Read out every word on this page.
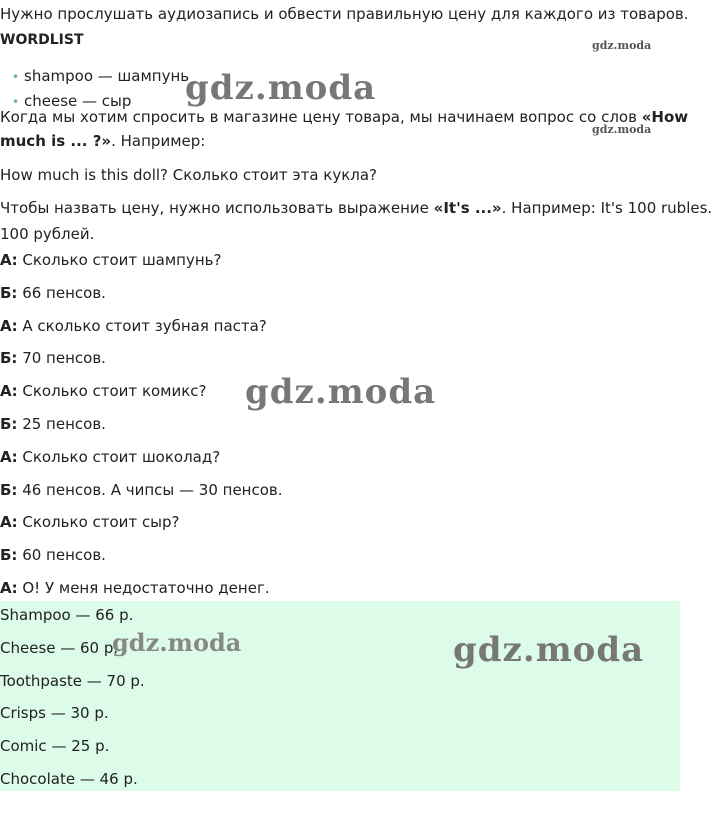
Нужно прослушать аудиозапись и обвести правильную цену для каждого из товаров.
WORDLIST
• shampoo — шампунь
• cheese — сыр
Когда мы хотим спросить в магазине цену товара, мы начинаем вопрос со слов «How
much is ... ?». Например:
How much is this doll? Сколько стоит эта кукла?
Чтобы назвать цену, нужно использовать выражение «It's ...». Например: It's 100 rubles.
100 рублей.
А: Сколько стоит шампунь?
Б: 66 пенсов.
А: А сколько стоит зубная паста?
Б: 70 пенсов.
А: Сколько стоит комикс?
Б: 25 пенсов.
А: Сколько стоит шоколад?
Б: 46 пенсов. А чипсы — 30 пенсов.
А: Сколько стоит сыр?
Б: 60 пенсов.
А: О! У меня недостаточно денег.
Shampoo — 66 р.
Cheese — 60 р.
Toothpaste — 70 р.
Crisps — 30 р.
Comic — 25 р.
Chocolate — 46 р.
gdz.moda
gdz.moda
gdz.moda
gdz.moda
gdz.moda
gdz.moda
